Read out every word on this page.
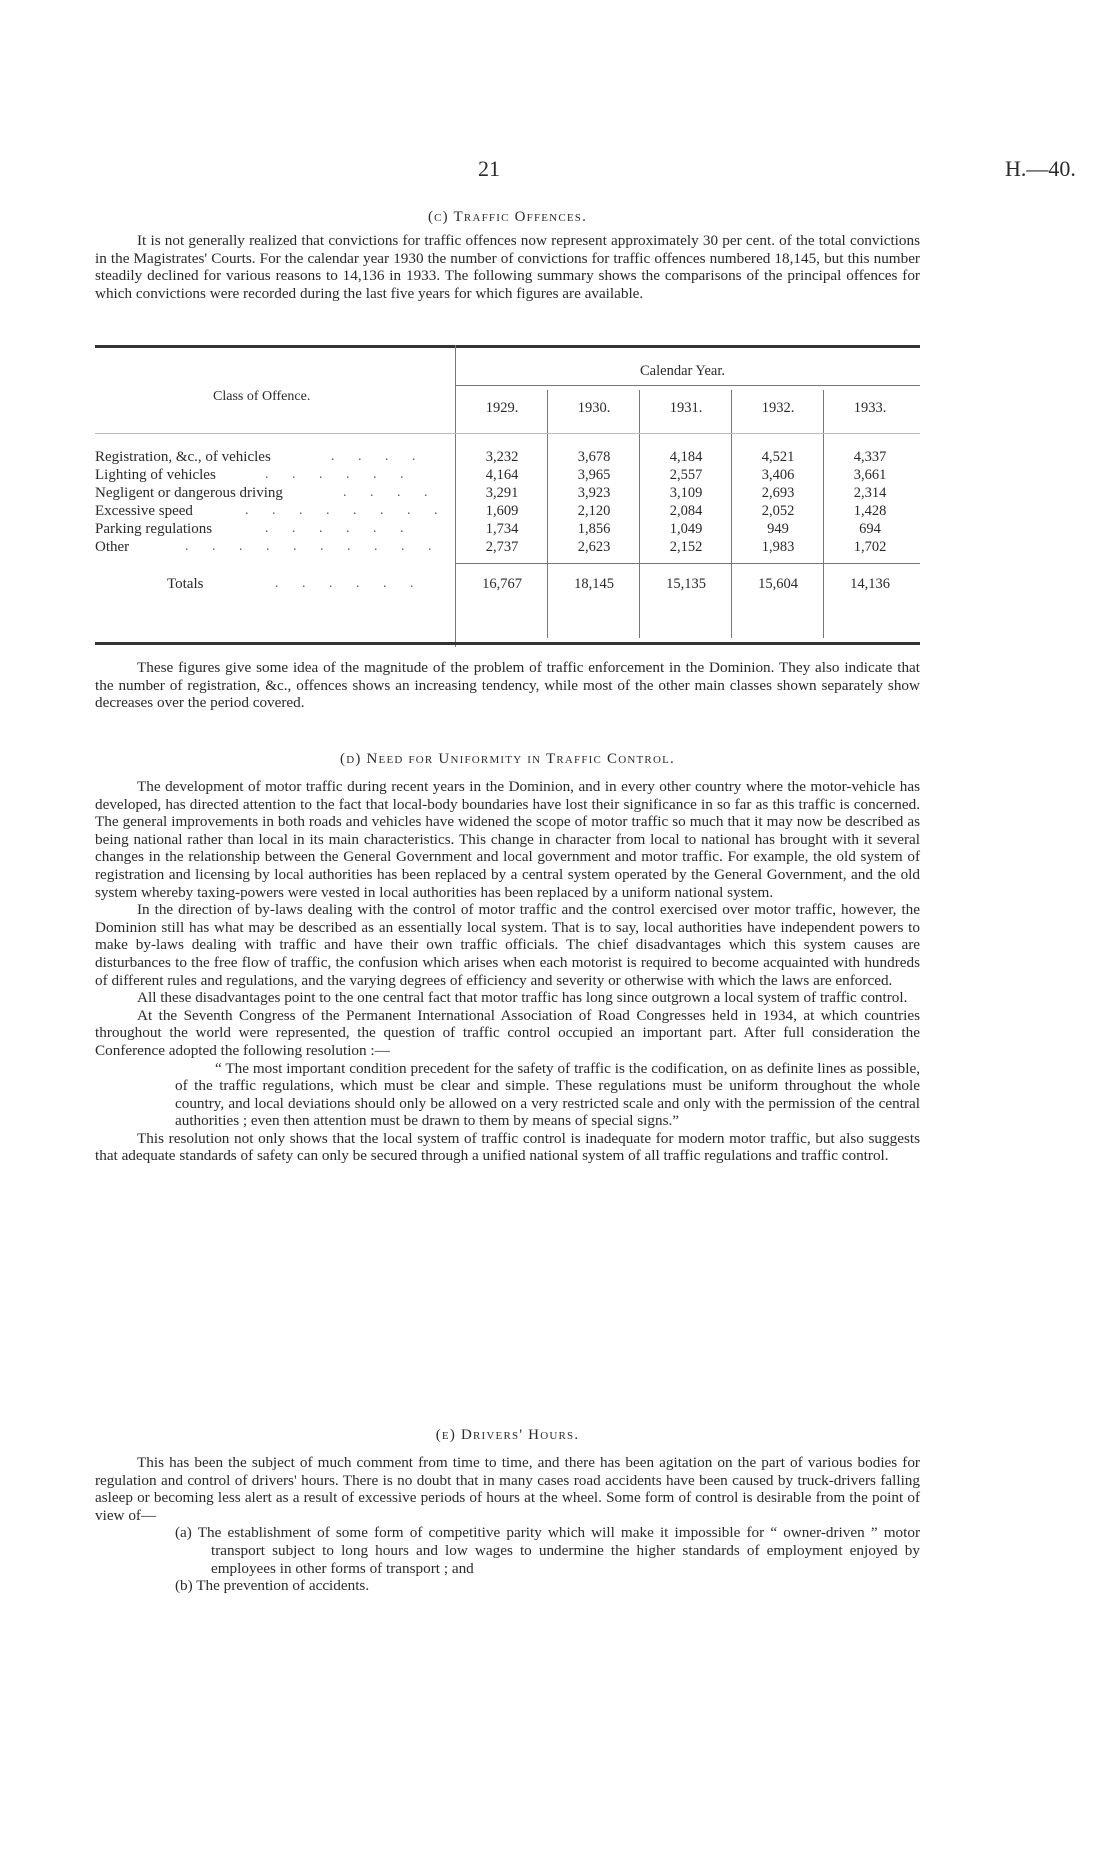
21	H.—40.
(c) Traffic Offences.

It is not generally realized that convictions for traffic offences now represent approximately 30 per cent. of the total convictions in the Magistrates' Courts. For the calendar year 1930 the number of convictions for traffic offences numbered 18,145, but this number steadily declined for various reasons to 14,136 in 1933. The following summary shows the comparisons of the principal offences for which convictions were recorded during the last five years for which figures are available.

Class of Offence.
Calendar Year.
1929.	1930.	1931.	1932.	1933.
Registration, &c., of vehicles	. . . .	3,232	3,678	4,184	4,521	4,337
Lighting of vehicles	. . . . . .	4,164	3,965	2,557	3,406	3,661
Negligent or dangerous driving	. . . .	3,291	3,923	3,109	2,693	2,314
Excessive speed	. . . . . . . .	1,609	2,120	2,084	2,052	1,428
Parking regulations	. . . . . .	1,734	1,856	1,049	949	694
Other	. . . . . . . . . .	2,737	2,623	2,152	1,983	1,702
Totals	. . . . . .	16,767	18,145	15,135	15,604	14,136

These figures give some idea of the magnitude of the problem of traffic enforcement in the Dominion. They also indicate that the number of registration, &c., offences shows an increasing tendency, while most of the other main classes shown separately show decreases over the period covered.

(d) Need for Uniformity in Traffic Control.

The development of motor traffic during recent years in the Dominion, and in every other country where the motor-vehicle has developed, has directed attention to the fact that local-body boundaries have lost their significance in so far as this traffic is concerned. The general improvements in both roads and vehicles have widened the scope of motor traffic so much that it may now be described as being national rather than local in its main characteristics. This change in character from local to national has brought with it several changes in the relationship between the General Government and local government and motor traffic. For example, the old system of registration and licensing by local authorities has been replaced by a central system operated by the General Government, and the old system whereby taxing-powers were vested in local authorities has been replaced by a uniform national system.

In the direction of by-laws dealing with the control of motor traffic and the control exercised over motor traffic, however, the Dominion still has what may be described as an essentially local system. That is to say, local authorities have independent powers to make by-laws dealing with traffic and have their own traffic officials. The chief disadvantages which this system causes are disturbances to the free flow of traffic, the confusion which arises when each motorist is required to become acquainted with hundreds of different rules and regulations, and the varying degrees of efficiency and severity or otherwise with which the laws are enforced.

All these disadvantages point to the one central fact that motor traffic has long since outgrown a local system of traffic control.

At the Seventh Congress of the Permanent International Association of Road Congresses held in 1934, at which countries throughout the world were represented, the question of traffic control occupied an important part. After full consideration the Conference adopted the following resolution :—

“ The most important condition precedent for the safety of traffic is the codification, on as definite lines as possible, of the traffic regulations, which must be clear and simple. These regulations must be uniform throughout the whole country, and local deviations should only be allowed on a very restricted scale and only with the permission of the central authorities ; even then attention must be drawn to them by means of special signs.”

This resolution not only shows that the local system of traffic control is inadequate for modern motor traffic, but also suggests that adequate standards of safety can only be secured through a unified national system of all traffic regulations and traffic control.

(e) Drivers' Hours.

This has been the subject of much comment from time to time, and there has been agitation on the part of various bodies for regulation and control of drivers' hours. There is no doubt that in many cases road accidents have been caused by truck-drivers falling asleep or becoming less alert as a result of excessive periods of hours at the wheel. Some form of control is desirable from the point of view of—

(a) The establishment of some form of competitive parity which will make it impossible for “ owner-driven ” motor transport subject to long hours and low wages to undermine the higher standards of employment enjoyed by employees in other forms of transport ; and

(b) The prevention of accidents.
